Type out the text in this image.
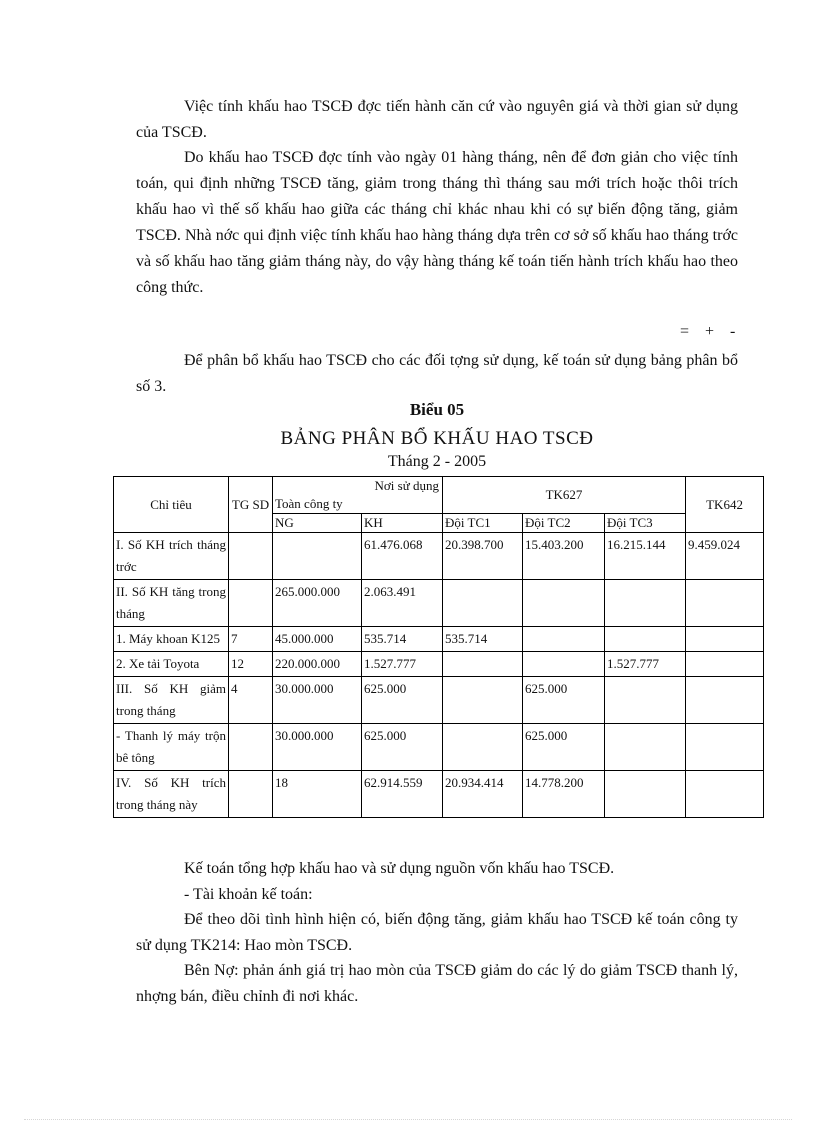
Việc tính khấu hao TSCĐ đợc tiến hành căn cứ vào nguyên giá và thời gian sử dụng của TSCĐ.

Do khấu hao TSCĐ đợc tính vào ngày 01 hàng tháng, nên để đơn giản cho việc tính toán, qui định những TSCĐ tăng, giảm trong tháng thì tháng sau mới trích hoặc thôi trích khấu hao vì thế số khấu hao giữa các tháng chỉ khác nhau khi có sự biến động tăng, giảm TSCĐ. Nhà nớc qui định việc tính khấu hao hàng tháng dựa trên cơ sở số khấu hao tháng trớc và số khấu hao tăng giảm tháng này, do vậy hàng tháng kế toán tiến hành trích khấu hao theo công thức.

= + -

Để phân bổ khấu hao TSCĐ cho các đối tợng sử dụng, kế toán sử dụng bảng phân bổ số 3.

Biểu 05
BẢNG PHÂN BỔ KHẤU HAO TSCĐ
Tháng 2 - 2005
Chỉ tiêu	TG SD	Nơi sử dụng
Toàn công ty		TK627			TK642
		NG	KH	Đội TC1	Đội TC2	Đội TC3	
I. Số KH trích tháng trớc			61.476.068	20.398.700	15.403.200	16.215.144	9.459.024
II. Số KH tăng trong tháng		265.000.000	2.063.491				
1. Máy khoan K125	7	45.000.000	535.714	535.714			
2. Xe tải Toyota	12	220.000.000	1.527.777			1.527.777	
III. Số KH giảm trong tháng	4	30.000.000	625.000		625.000		
- Thanh lý máy trộn bê tông		30.000.000	625.000		625.000		
IV. Số KH trích trong tháng này		18	62.914.559	20.934.414	14.778.200		

Kế toán tổng hợp khấu hao và sử dụng nguồn vốn khấu hao TSCĐ.

- Tài khoản kế toán:

Để theo dõi tình hình hiện có, biến động tăng, giảm khấu hao TSCĐ kế toán công ty sử dụng TK214: Hao mòn TSCĐ.

Bên Nợ: phản ánh giá trị hao mòn của TSCĐ giảm do các lý do giảm TSCĐ thanh lý, nhợng bán, điều chỉnh đi nơi khác.
